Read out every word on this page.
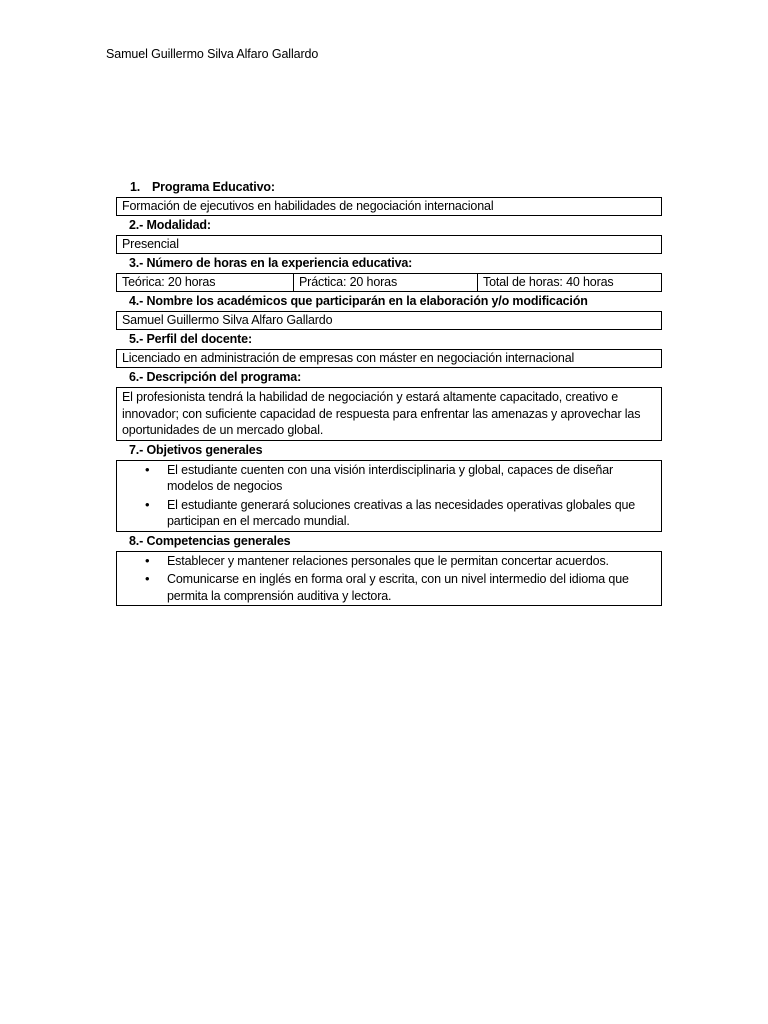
Samuel Guillermo Silva Alfaro Gallardo
1. Programa Educativo:
Formación de ejecutivos en habilidades de negociación internacional
2.- Modalidad:
Presencial
3.- Número de horas en la experiencia educativa:
Teórica: 20 horas	Práctica: 20 horas	Total de horas: 40 horas
4.- Nombre los académicos que participarán en la elaboración y/o modificación
Samuel Guillermo Silva Alfaro Gallardo
5.- Perfil del docente:
Licenciado en administración de empresas con máster en negociación internacional
6.- Descripción del programa:
El profesionista tendrá la habilidad de negociación y estará altamente capacitado, creativo e innovador; con suficiente capacidad de respuesta para enfrentar las amenazas y aprovechar las oportunidades de un mercado global.
7.- Objetivos generales
• El estudiante cuenten con una visión interdisciplinaria y global, capaces de diseñar modelos de negocios
• El estudiante generará soluciones creativas a las necesidades operativas globales que participan en el mercado mundial.
8.- Competencias generales
• Establecer y mantener relaciones personales que le permitan concertar acuerdos.
• Comunicarse en inglés en forma oral y escrita, con un nivel intermedio del idioma que permita la comprensión auditiva y lectora.
